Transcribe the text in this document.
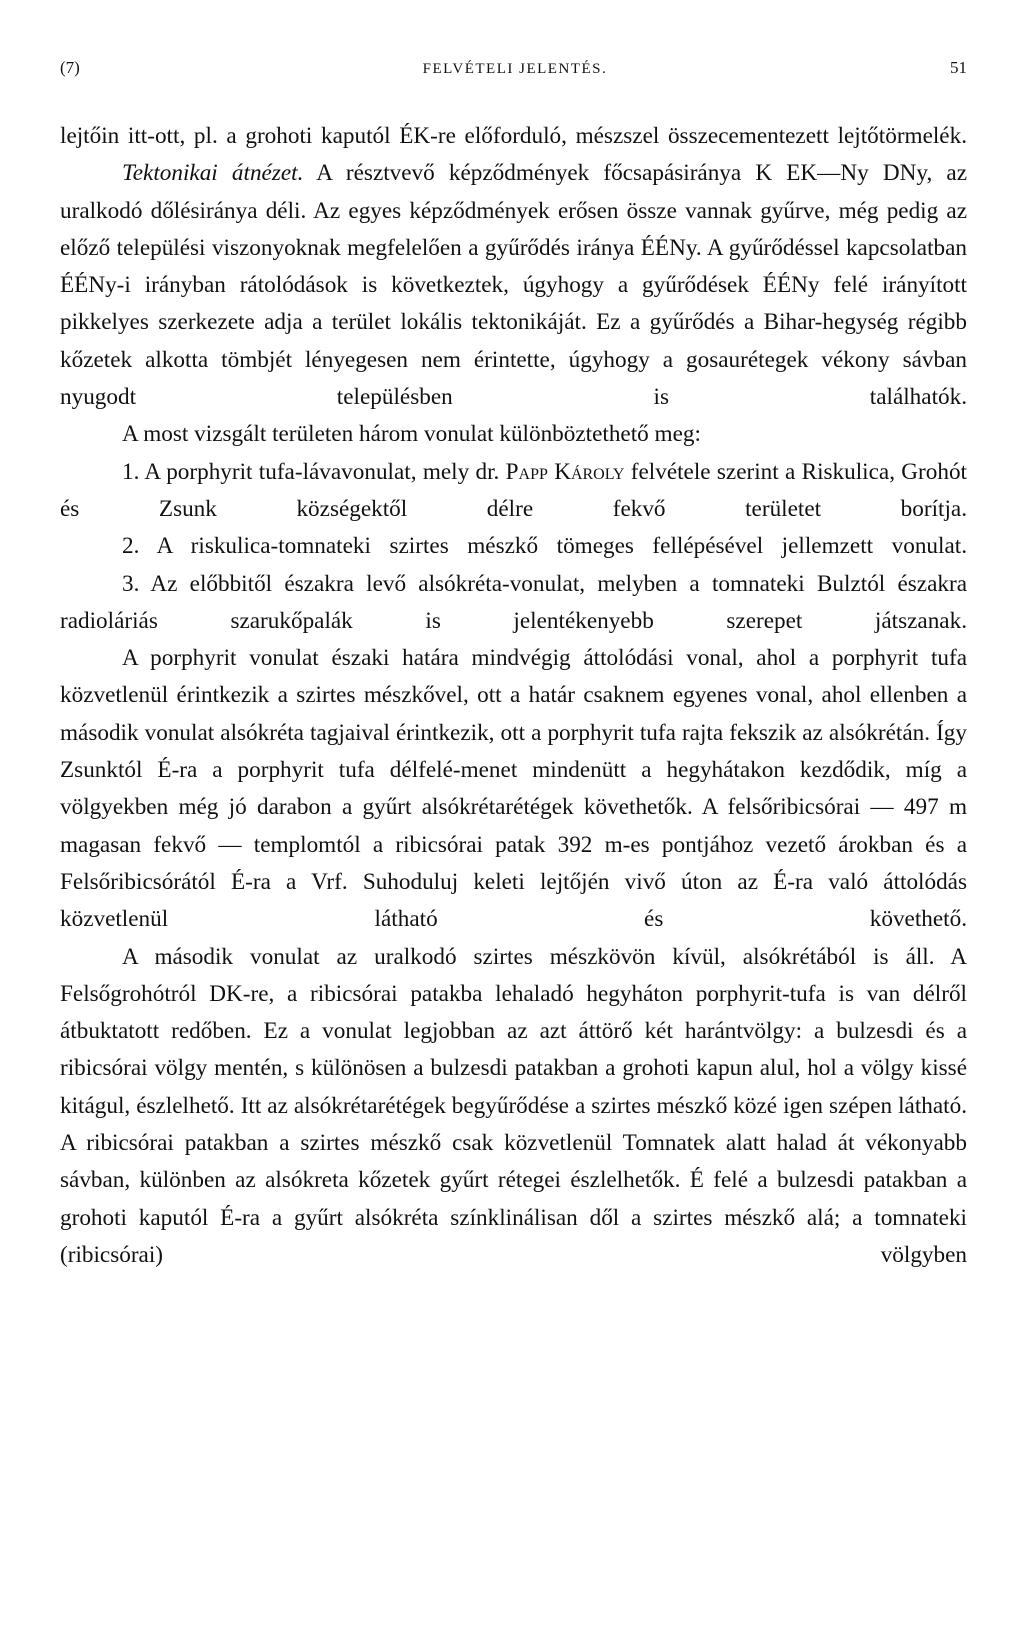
(7)	FELVÉTELI JELENTÉS.	51

lejtőin itt-ott, pl. a grohoti kaputól ÉK-re előforduló, mészszel összecementezett lejtőtörmelék.

Tektonikai átnézet. A résztvevő képződmények főcsapásiránya K EK—Ny DNy, az uralkodó dőlésiránya déli. Az egyes képződmények erősen össze vannak gyűrve, még pedig az előző települési viszonyoknak megfelelően a gyűrődés iránya ÉÉNy. A gyűrődéssel kapcsolatban ÉÉNy-i irányban rátolódások is következtek, úgyhogy a gyűrődések ÉÉNy felé irányított pikkelyes szerkezete adja a terület lokális tektonikáját. Ez a gyűrődés a Bihar-hegység régibb kőzetek alkotta tömbjét lényegesen nem érintette, úgyhogy a gosaurétegek vékony sávban nyugodt településben is találhatók.

A most vizsgált területen három vonulat különböztethető meg:

1. A porphyrit tufa-lávavonulat, mely dr. Papp Károly felvétele szerint a Riskulica, Grohót és Zsunk községektől délre fekvő területet borítja.

2. A riskulica-tomnateki szirtes mészkő tömeges fellépésével jellemzett vonulat.

3. Az előbbitől északra levő alsókréta-vonulat, melyben a tomnateki Bulztól északra radioláriás szarukőpalák is jelentékenyebb szerepet játszanak.

A porphyrit vonulat északi határa mindvégig áttolódási vonal, ahol a porphyrit tufa közvetlenül érintkezik a szirtes mészkővel, ott a határ csaknem egyenes vonal, ahol ellenben a második vonulat alsókréta tagjaival érintkezik, ott a porphyrit tufa rajta fekszik az alsókrétán. Így Zsunktól É-ra a porphyrit tufa délfelé-menet mindenütt a hegyhátakon kezdődik, míg a völgyekben még jó darabon a gyűrt alsókrétarétégek követhetők. A felsőribicsórai — 497 m magasan fekvő — templomtól a ribicsórai patak 392 m-es pontjához vezető árokban és a Felsőribicsórától É-ra a Vrf. Suhoduluj keleti lejtőjén vivő úton az É-ra való áttolódás közvetlenül látható és követhető.

A második vonulat az uralkodó szirtes mészkövön kívül, alsókrétából is áll. A Felsőgrohótról DK-re, a ribicsórai patakba lehaladó hegyháton porphyrit-tufa is van délről átbuktatott redőben. Ez a vonulat legjobban az azt áttörő két harántvölgy: a bulzesdi és a ribicsórai völgy mentén, s különösen a bulzesdi patakban a grohoti kapun alul, hol a völgy kissé kitágul, észlelhető. Itt az alsókrétarétégek begyűrődése a szirtes mészkő közé igen szépen látható. A ribicsórai patakban a szirtes mészkő csak közvetlenül Tomnatek alatt halad át vékonyabb sávban, különben az alsókreta kőzetek gyűrt rétegei észlelhetők. É felé a bulzesdi patakban a grohoti kaputól É-ra a gyűrt alsókréta színklinálisan dől a szirtes mészkő alá; a tomnateki (ribicsórai) völgyben
